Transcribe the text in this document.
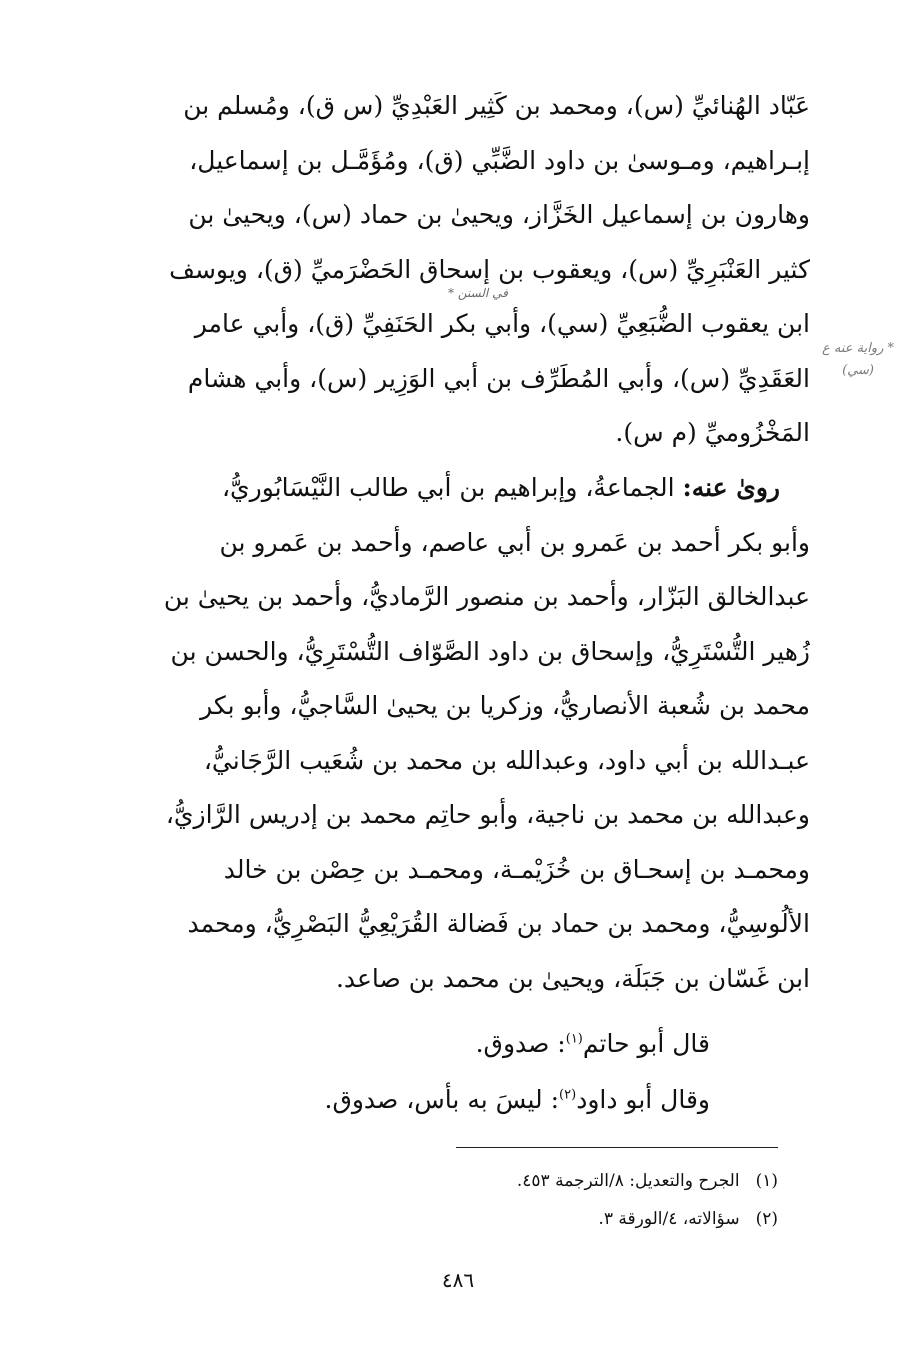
عَبّاد الهُنائيِّ (س)، ومحمد بن كَثِير العَبْدِيِّ (س ق)، ومُسلم بن
إبـراهيم، ومـوسىٰ بن داود الضَّبِّي (ق)، ومُؤَمَّـل بن إسماعيل،
وهارون بن إسماعيل الخَزَّاز، ويحيىٰ بن حماد (س)، ويحيىٰ بن
كثير العَنْبَرِيِّ (س)، ويعقوب بن إسحاق الحَضْرَميِّ (ق)، ويوسف
ابن يعقوب الضُّبَعِيِّ (سي)، وأبي بكر الحَنَفِيِّ (ق)، وأبي عامر
العَقَدِيِّ (س)، وأبي المُطَرِّف بن أبي الوَزِير (س)، وأبي هشام
المَخْزُوميِّ (م س).
في السنن *
* رواية عنه ع (سي)
روىٰ عنه: الجماعةُ، وإبراهيم بن أبي طالب النَّيْسَابُوريُّ،
وأبو بكر أحمد بن عَمرو بن أبي عاصم، وأحمد بن عَمرو بن
عبدالخالق البَزّار، وأحمد بن منصور الرَّماديُّ، وأحمد بن يحيىٰ بن
زُهير التُّسْتَرِيُّ، وإسحاق بن داود الصَّوّاف التُّسْتَرِيُّ، والحسن بن
محمد بن شُعبة الأنصاريُّ، وزكريا بن يحيىٰ السَّاجيُّ، وأبو بكر
عبـدالله بن أبي داود، وعبدالله بن محمد بن شُعَيب الرَّجَانيُّ،
وعبدالله بن محمد بن ناجية، وأبو حاتِم محمد بن إدريس الرَّازيُّ،
ومحمـد بن إسحـاق بن خُزَيْمـة، ومحمـد بن حِصْن بن خالد
الألُوسِيُّ، ومحمد بن حماد بن فَضالة القُرَيْعِيُّ البَصْرِيُّ، ومحمد
ابن غَسّان بن جَبَلَة، ويحيىٰ بن محمد بن صاعد.
قال أبو حاتم$^{(١)}$: صدوق.
وقال أبو داود$^{(٢)}$: ليسَ به بأس، صدوق.
(١)الجرح والتعديل: ٨/الترجمة ٤٥٣.
(٢)سؤالاته، ٤/الورقة ٣.
٤٨٦
